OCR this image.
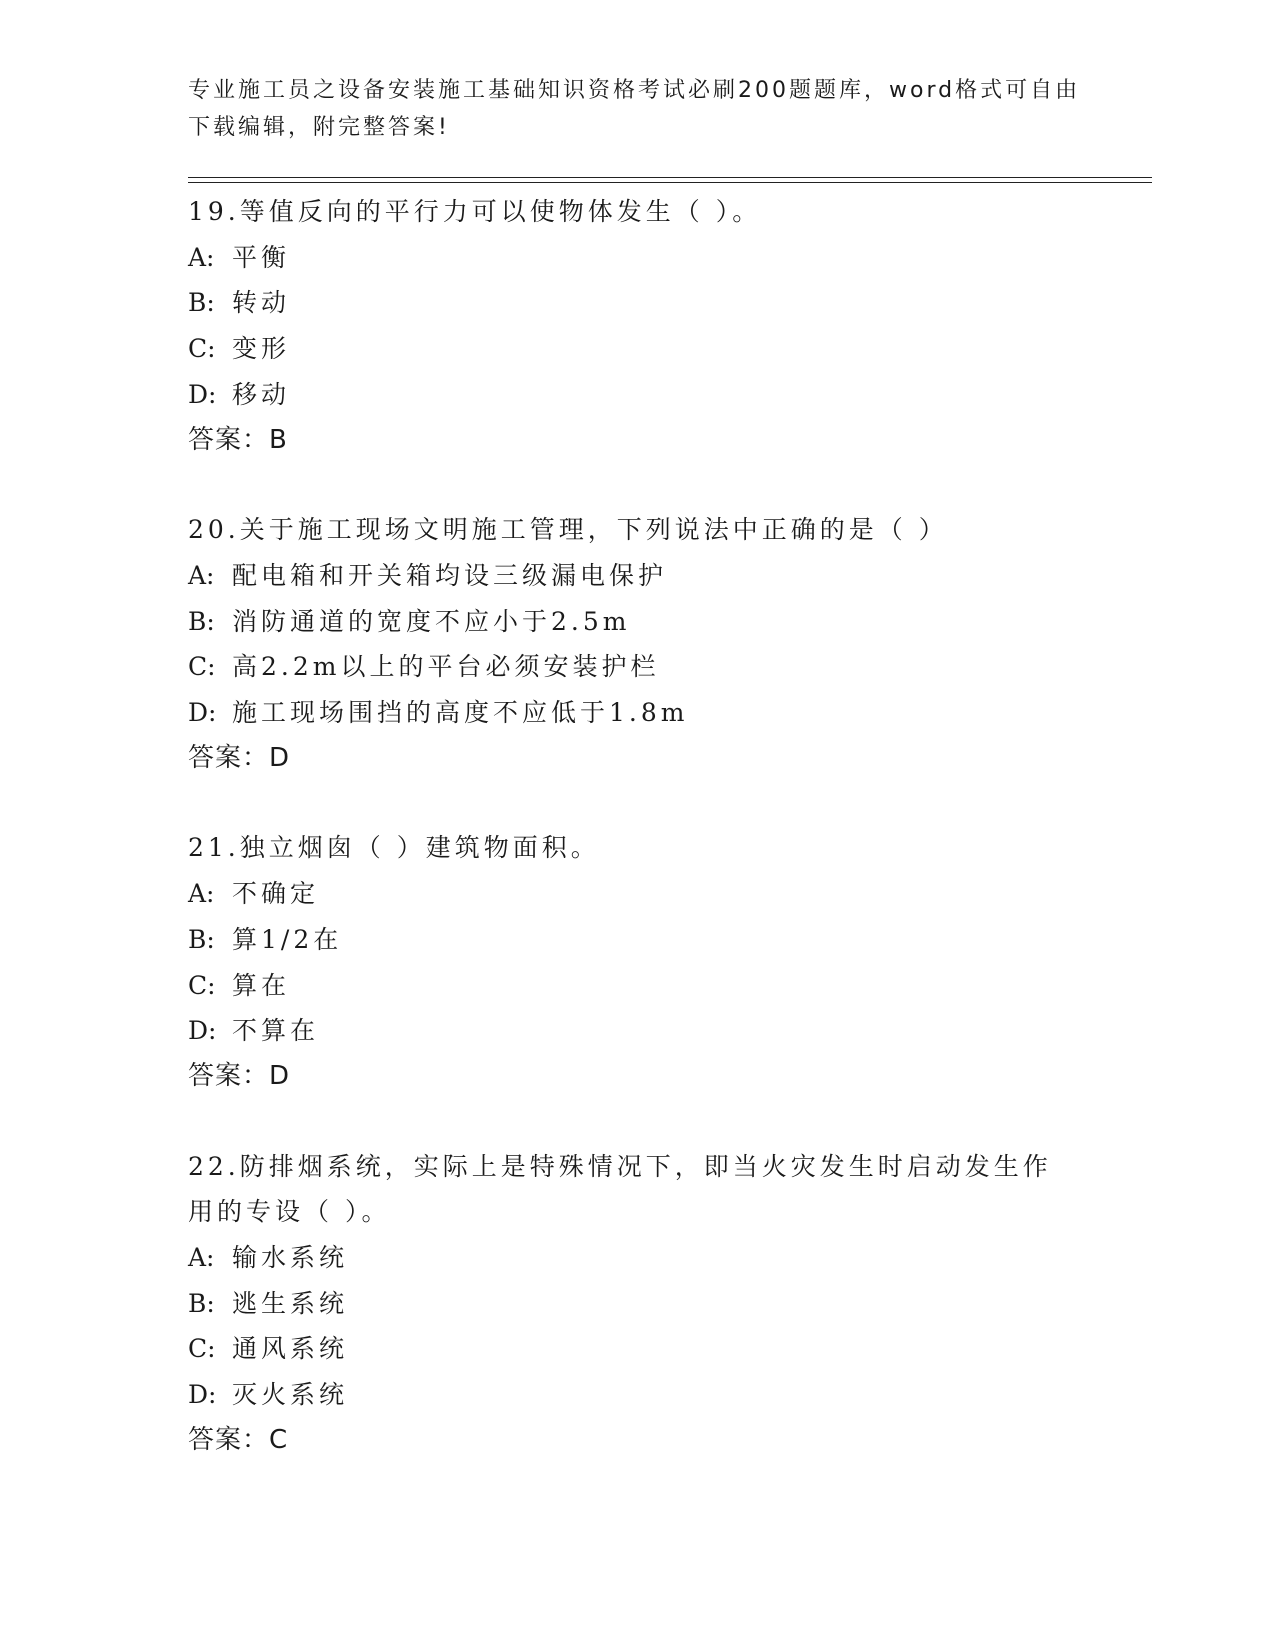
专业施工员之设备安装施工基础知识资格考试必刷200题题库，word格式可自由下载编辑，附完整答案!
19.等值反向的平行力可以使物体发生（ ）。
A: 平衡
B: 转动
C: 变形
D: 移动
答案：B
20.关于施工现场文明施工管理，下列说法中正确的是（ ）
A: 配电箱和开关箱均设三级漏电保护
B: 消防通道的宽度不应小于2.5m
C: 高2.2m以上的平台必须安装护栏
D: 施工现场围挡的高度不应低于1.8m
答案：D
21.独立烟囱（ ）建筑物面积。
A: 不确定
B: 算1/2在
C: 算在
D: 不算在
答案：D
22.防排烟系统，实际上是特殊情况下，即当火灾发生时启动发生作用的专设（ ）。
A: 输水系统
B: 逃生系统
C: 通风系统
D: 灭火系统
答案：C
